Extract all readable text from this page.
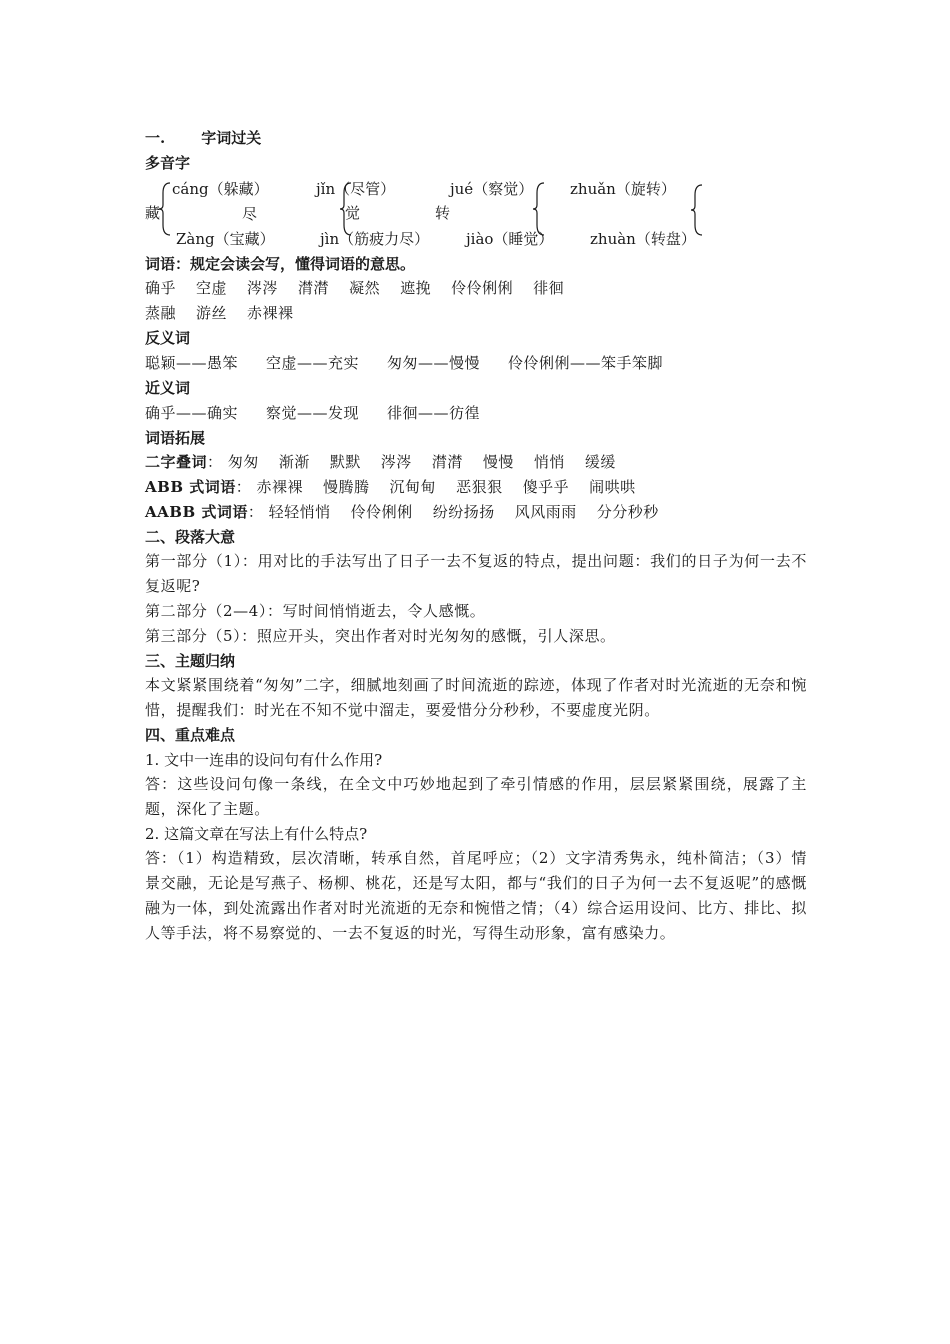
一. 字词过关
多音字
藏
cáng（躲藏）
Zàng（宝藏）
尽
jǐn（尽管）
jìn（筋疲力尽）
觉	转
jué（察觉）
jiào（睡觉）
zhuǎn（旋转）
zhuàn（转盘）
词语：规定会读会写，懂得词语的意思。
确乎 空虚 涔涔 潸潸 凝然 遮挽 伶伶俐俐 徘徊
蒸融 游丝 赤裸裸
反义词
聪颖——愚笨 空虚——充实 匆匆——慢慢 伶伶俐俐——笨手笨脚
近义词
确乎——确实 察觉——发现 徘徊——彷徨
词语拓展
二字叠词： 匆匆 渐渐 默默 涔涔 潸潸 慢慢 悄悄 缓缓
ABB 式词语： 赤裸裸 慢腾腾 沉甸甸 恶狠狠 傻乎乎 闹哄哄
AABB 式词语： 轻轻悄悄 伶伶俐俐 纷纷扬扬 风风雨雨 分分秒秒
二、段落大意
第一部分（1）：用对比的手法写出了日子一去不复返的特点，提出问题：我们的日子为何一去不复返呢?
第二部分（2—4）：写时间悄悄逝去，令人感慨。
第三部分（5）：照应开头，突出作者对时光匆匆的感慨，引人深思。
三、主题归纳
本文紧紧围绕着“匆匆”二字，细腻地刻画了时间流逝的踪迹，体现了作者对时光流逝的无奈和惋惜，提醒我们：时光在不知不觉中溜走，要爱惜分分秒秒，不要虚度光阴。
四、重点难点
1. 文中一连串的设问句有什么作用?
答：这些设问句像一条线，在全文中巧妙地起到了牵引情感的作用，层层紧紧围绕，展露了主题，深化了主题。
2. 这篇文章在写法上有什么特点?
答：（1）构造精致，层次清晰，转承自然，首尾呼应；（2）文字清秀隽永，纯朴简洁；（3）情景交融，无论是写燕子、杨柳、桃花，还是写太阳，都与“我们的日子为何一去不复返呢”的感慨融为一体，到处流露出作者对时光流逝的无奈和惋惜之情；（4）综合运用设问、比方、排比、拟人等手法，将不易察觉的、一去不复返的时光，写得生动形象，富有感染力。
